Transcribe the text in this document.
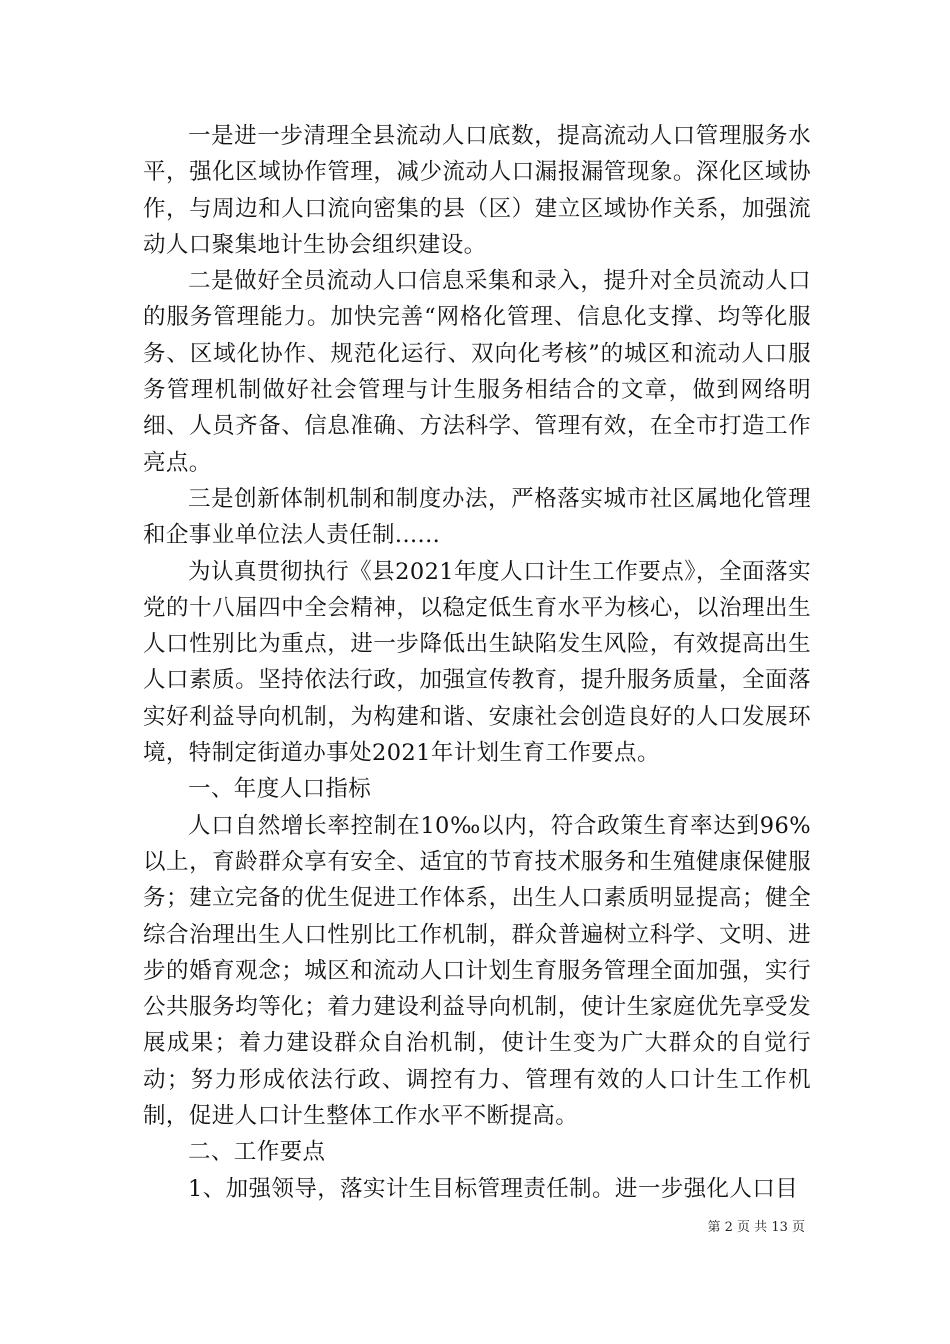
一是进一步清理全县流动人口底数，提高流动人口管理服务水平，强化区域协作管理，减少流动人口漏报漏管现象。深化区域协作，与周边和人口流向密集的县（区）建立区域协作关系，加强流动人口聚集地计生协会组织建设。

二是做好全员流动人口信息采集和录入，提升对全员流动人口的服务管理能力。加快完善“网格化管理、信息化支撑、均等化服务、区域化协作、规范化运行、双向化考核”的城区和流动人口服务管理机制做好社会管理与计生服务相结合的文章，做到网络明细、人员齐备、信息准确、方法科学、管理有效，在全市打造工作亮点。

三是创新体制机制和制度办法，严格落实城市社区属地化管理和企事业单位法人责任制......

为认真贯彻执行《县2021年度人口计生工作要点》，全面落实党的十八届四中全会精神，以稳定低生育水平为核心，以治理出生人口性别比为重点，进一步降低出生缺陷发生风险，有效提高出生人口素质。坚持依法行政，加强宣传教育，提升服务质量，全面落实好利益导向机制，为构建和谐、安康社会创造良好的人口发展环境，特制定街道办事处2021年计划生育工作要点。

一、年度人口指标

人口自然增长率控制在10‰以内，符合政策生育率达到96%以上，育龄群众享有安全、适宜的节育技术服务和生殖健康保健服务；建立完备的优生促进工作体系，出生人口素质明显提高；健全综合治理出生人口性别比工作机制，群众普遍树立科学、文明、进步的婚育观念；城区和流动人口计划生育服务管理全面加强，实行公共服务均等化；着力建设利益导向机制，使计生家庭优先享受发展成果；着力建设群众自治机制，使计生变为广大群众的自觉行动；努力形成依法行政、调控有力、管理有效的人口计生工作机制，促进人口计生整体工作水平不断提高。

二、工作要点

1、加强领导，落实计生目标管理责任制。进一步强化人口目

第 2 页 共 13 页
